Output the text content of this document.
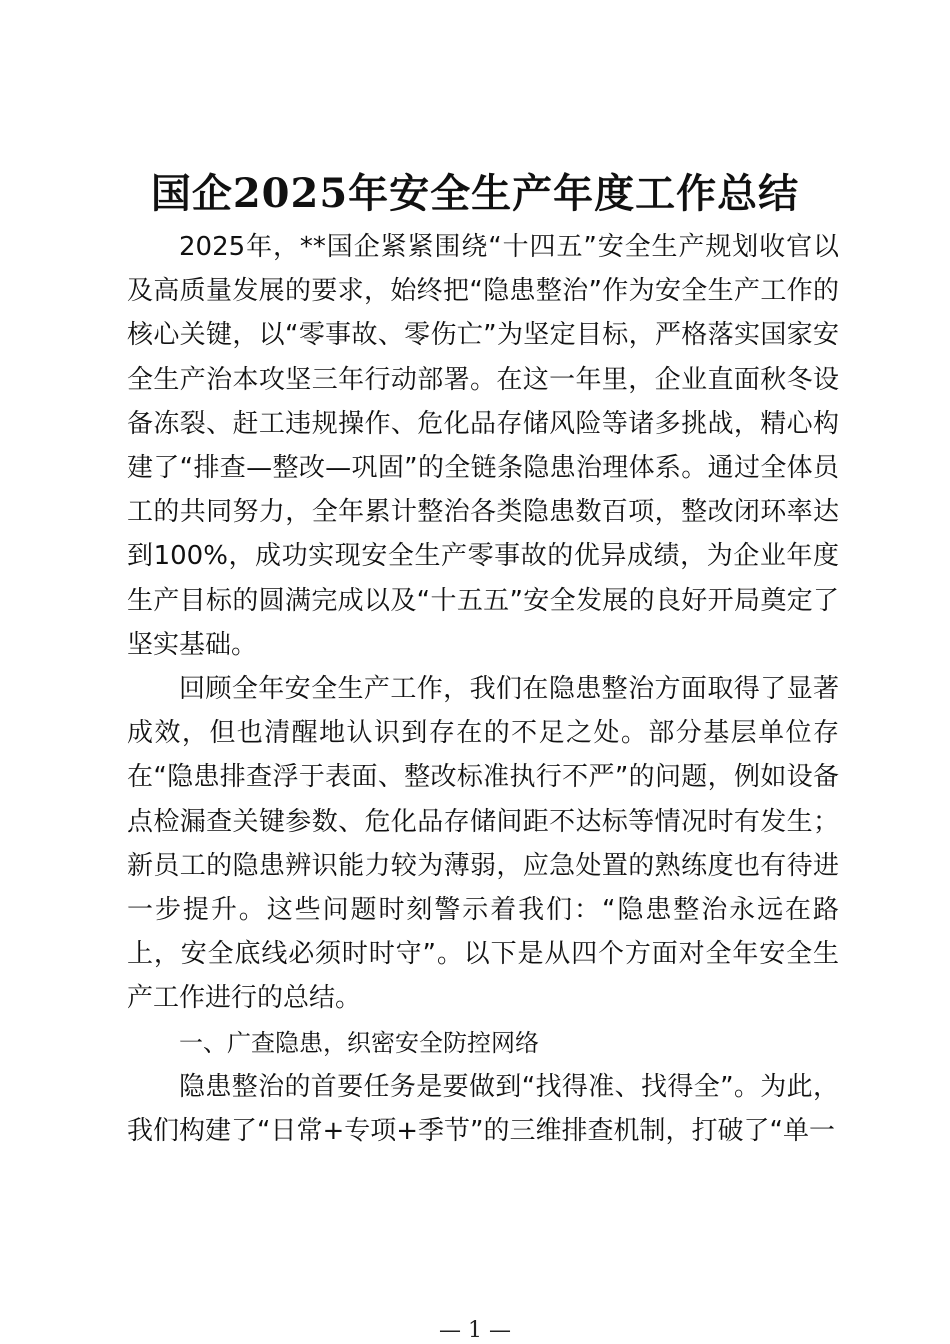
国企2025年安全生产年度工作总结

2025年，**国企紧紧围绕“十四五”安全生产规划收官以及高质量发展的要求，始终把“隐患整治”作为安全生产工作的核心关键，以“零事故、零伤亡”为坚定目标，严格落实国家安全生产治本攻坚三年行动部署。在这一年里，企业直面秋冬设备冻裂、赶工违规操作、危化品存储风险等诸多挑战，精心构建了“排查—整改—巩固”的全链条隐患治理体系。通过全体员工的共同努力，全年累计整治各类隐患数百项，整改闭环率达到100%，成功实现安全生产零事故的优异成绩，为企业年度生产目标的圆满完成以及“十五五”安全发展的良好开局奠定了坚实基础。

回顾全年安全生产工作，我们在隐患整治方面取得了显著成效，但也清醒地认识到存在的不足之处。部分基层单位存在“隐患排查浮于表面、整改标准执行不严”的问题，例如设备点检漏查关键参数、危化品存储间距不达标等情况时有发生；新员工的隐患辨识能力较为薄弱，应急处置的熟练度也有待进一步提升。这些问题时刻警示着我们：“隐患整治永远在路上，安全底线必须时时守”。以下是从四个方面对全年安全生产工作进行的总结。

一、广查隐患，织密安全防控网络

隐患整治的首要任务是要做到“找得准、找得全”。为此，我们构建了“日常+专项+季节”的三维排查机制，打破了“单一

— 1 —
